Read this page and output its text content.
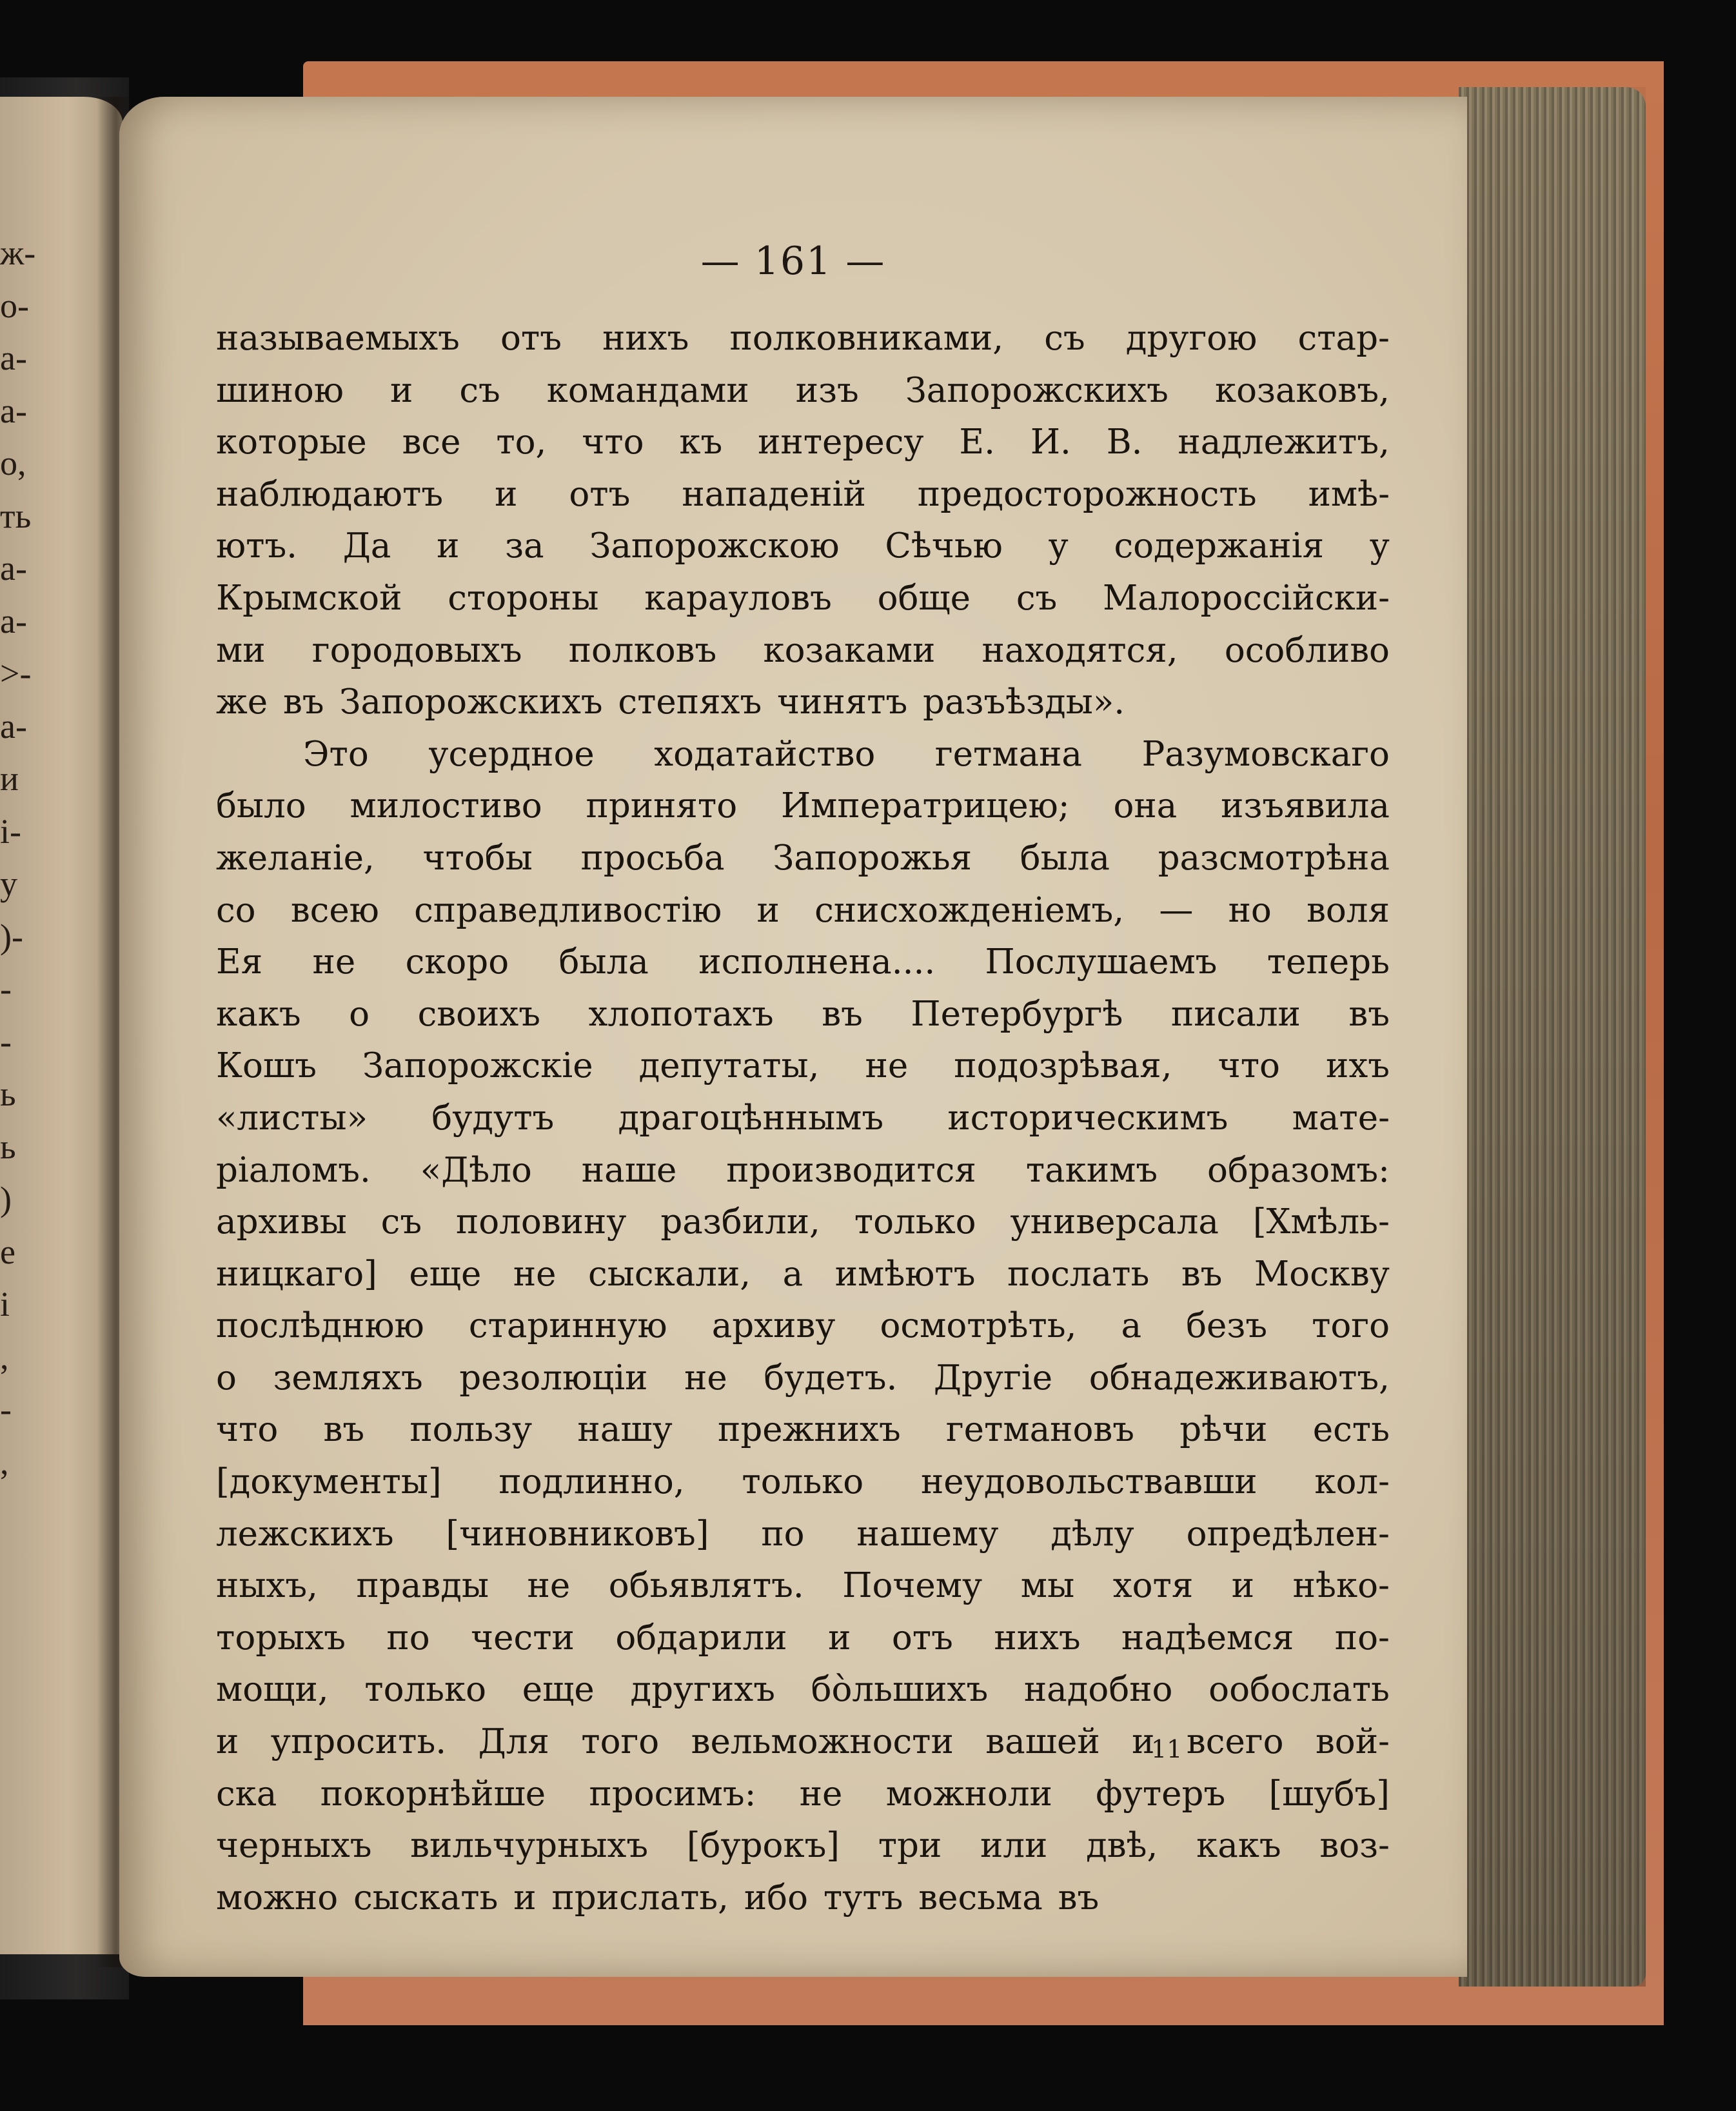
ж-
о-
а-
а-
о,
ть
а-
а-
>-
а-
и
і-
у
)-
-
-
ь
ь
)
е
і
,
-
,
— 161 —
называемыхъ отъ нихъ полковниками, съ другою стар-
шиною и съ командами изъ Запорожскихъ козаковъ,
которые все то, что къ интересу Е. И. В. надлежитъ,
наблюдаютъ и отъ нападеній предосторожность имѣ-
ютъ. Да и за Запорожскою Сѣчью у содержанія у
Крымской стороны карауловъ обще съ Малороссійски-
ми городовыхъ полковъ козаками находятся, особливо
же въ Запорожскихъ степяхъ чинятъ разъѣзды».
Это усердное ходатайство гетмана Разумовскаго
было милостиво принято Императрицею; она изъявила
желаніе, чтобы просьба Запорожья была разсмотрѣна
со всею справедливостію и снисхожденіемъ, — но воля
Ея не скоро была исполнена.... Послушаемъ теперь
какъ о своихъ хлопотахъ въ Петербургѣ писали въ
Кошъ Запорожскіе депутаты, не подозрѣвая, что ихъ
«листы» будутъ драгоцѣннымъ историческимъ мате-
ріаломъ. «Дѣло наше производится такимъ образомъ:
архивы съ половину разбили, только универсала [Хмѣль-
ницкаго] еще не сыскали, а имѣютъ послать въ Москву
послѣднюю старинную архиву осмотрѣть, а безъ того
о земляхъ резолюціи не будетъ. Другіе обнадеживаютъ,
что въ пользу нашу прежнихъ гетмановъ рѣчи есть
[документы] подлинно, только неудовольствавши кол-
лежскихъ [чиновниковъ] по нашему дѣлу опредѣлен-
ныхъ, правды не обьявлятъ. Почему мы хотя и нѣко-
торыхъ по чести обдарили и отъ нихъ надѣемся по-
мощи, только еще другихъ бо̀льшихъ надобно ообослать
и упросить. Для того вельможности вашей и всего вой-
ска покорнѣйше просимъ: не можноли футеръ [шубъ]
черныхъ вильчурныхъ [бурокъ] три или двѣ, какъ воз-
можно сыскать и прислать, ибо тутъ весьма въ
11
